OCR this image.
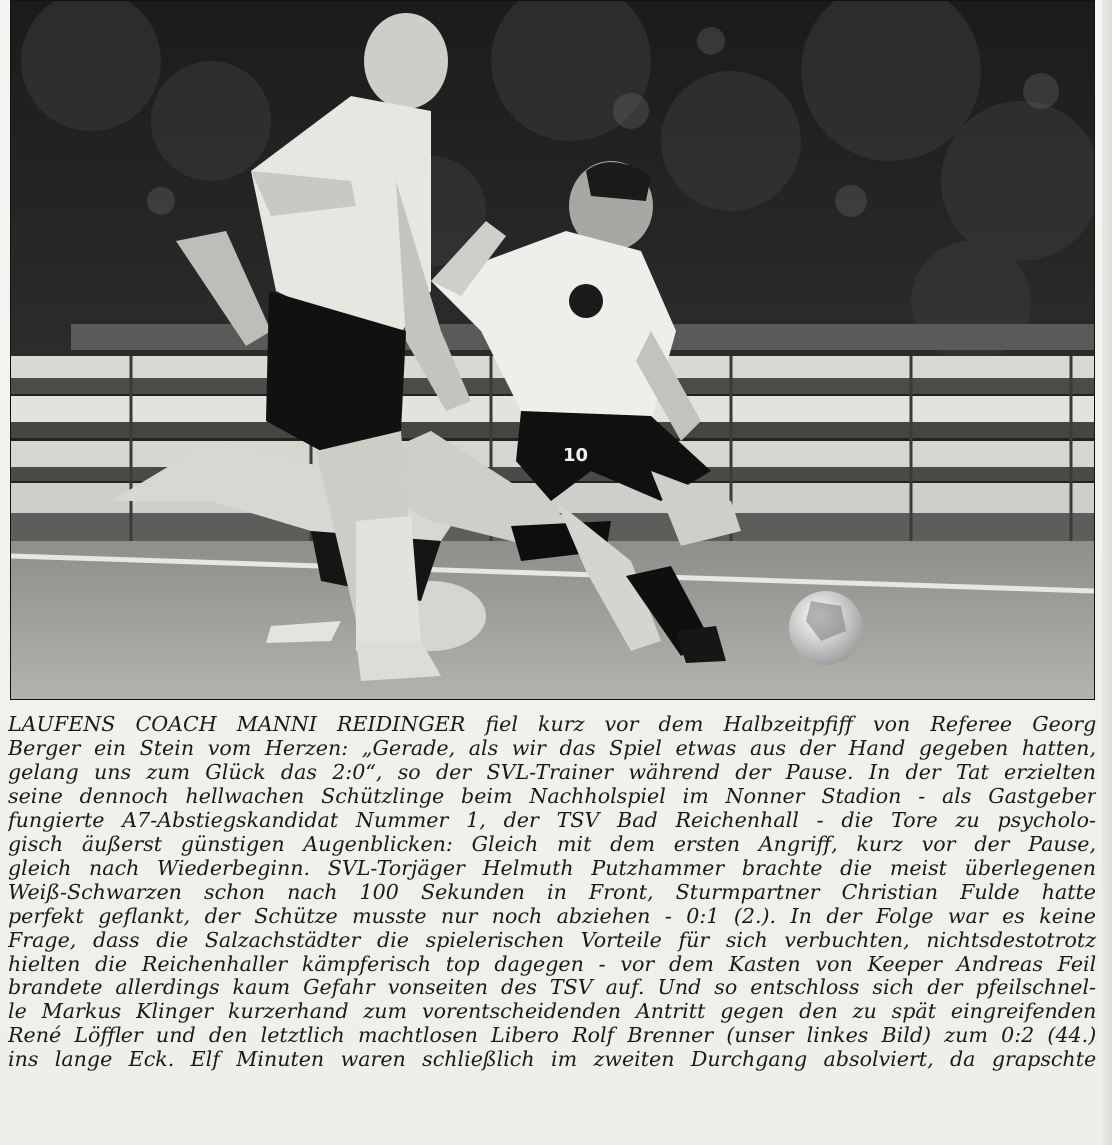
10
LAUFENS COACH MANNI REIDINGER fiel kurz vor dem Halbzeitpfiff von Referee Georg
Berger ein Stein vom Herzen: „Gerade, als wir das Spiel etwas aus der Hand gegeben hatten,
gelang uns zum Glück das 2:0“, so der SVL-Trainer während der Pause. In der Tat erzielten
seine dennoch hellwachen Schützlinge beim Nachholspiel im Nonner Stadion - als Gastgeber
fungierte A7-Abstiegskandidat Nummer 1, der TSV Bad Reichenhall - die Tore zu psycholo-
gisch äußerst günstigen Augenblicken: Gleich mit dem ersten Angriff, kurz vor der Pause,
gleich nach Wiederbeginn. SVL-Torjäger Helmuth Putzhammer brachte die meist überlegenen
Weiß-Schwarzen schon nach 100 Sekunden in Front, Sturmpartner Christian Fulde hatte
perfekt geflankt, der Schütze musste nur noch abziehen - 0:1 (2.). In der Folge war es keine
Frage, dass die Salzachstädter die spielerischen Vorteile für sich verbuchten, nichtsdestotrotz
hielten die Reichenhaller kämpferisch top dagegen - vor dem Kasten von Keeper Andreas Feil
brandete allerdings kaum Gefahr vonseiten des TSV auf. Und so entschloss sich der pfeilschnel-
le Markus Klinger kurzerhand zum vorentscheidenden Antritt gegen den zu spät eingreifenden
René Löffler und den letztlich machtlosen Libero Rolf Brenner (unser linkes Bild) zum 0:2 (44.)
ins lange Eck. Elf Minuten waren schließlich im zweiten Durchgang absolviert, da grapschte
